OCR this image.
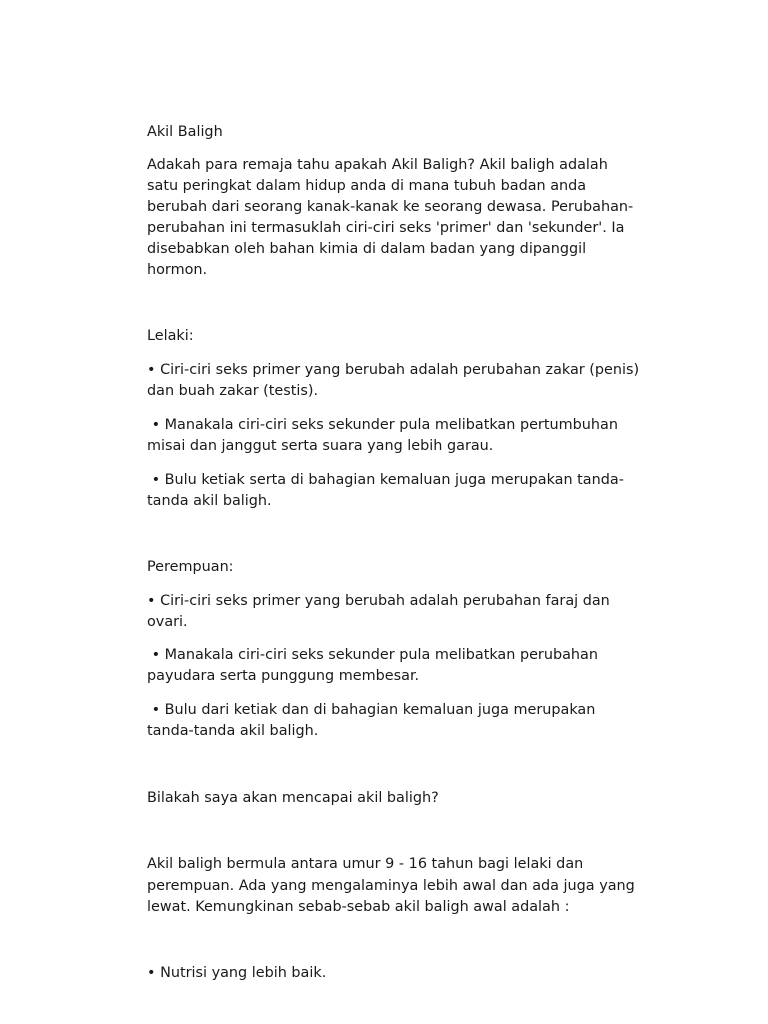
Akil Baligh

Adakah para remaja tahu apakah Akil Baligh? Akil baligh adalah

satu peringkat dalam hidup anda di mana tubuh badan anda

berubah dari seorang kanak-kanak ke seorang dewasa. Perubahan-

perubahan ini termasuklah ciri-ciri seks 'primer' dan 'sekunder'. Ia

disebabkan oleh bahan kimia di dalam badan yang dipanggil

hormon.

Lelaki:

• Ciri-ciri seks primer yang berubah adalah perubahan zakar (penis)

dan buah zakar (testis).

• Manakala ciri-ciri seks sekunder pula melibatkan pertumbuhan

misai dan janggut serta suara yang lebih garau.

• Bulu ketiak serta di bahagian kemaluan juga merupakan tanda-

tanda akil baligh.

Perempuan:

• Ciri-ciri seks primer yang berubah adalah perubahan faraj dan

ovari.

• Manakala ciri-ciri seks sekunder pula melibatkan perubahan

payudara serta punggung membesar.

• Bulu dari ketiak dan di bahagian kemaluan juga merupakan

tanda-tanda akil baligh.

Bilakah saya akan mencapai akil baligh?

Akil baligh bermula antara umur 9 - 16 tahun bagi lelaki dan

perempuan. Ada yang mengalaminya lebih awal dan ada juga yang

lewat. Kemungkinan sebab-sebab akil baligh awal adalah :

• Nutrisi yang lebih baik.
